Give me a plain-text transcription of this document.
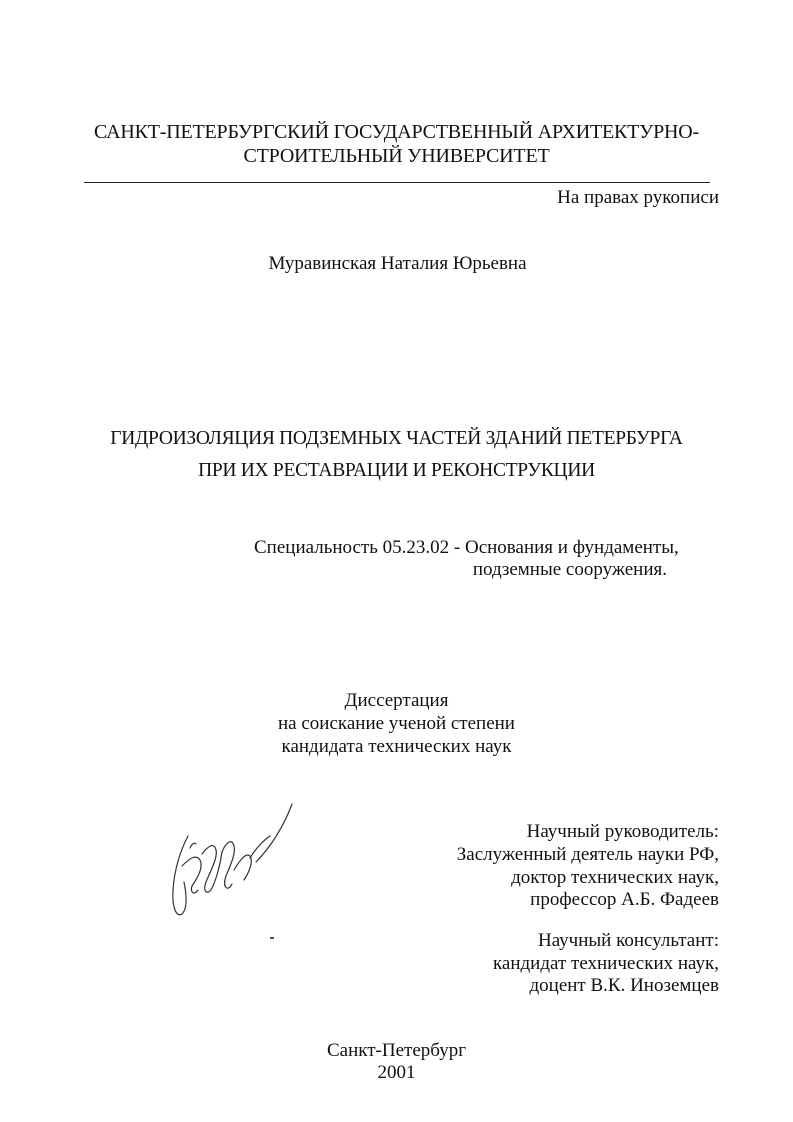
САНКТ-ПЕТЕРБУРГСКИЙ ГОСУДАРСТВЕННЫЙ АРХИТЕКТУРНО-
СТРОИТЕЛЬНЫЙ УНИВЕРСИТЕТ
На правах рукописи
Муравинская Наталия Юрьевна
ГИДРОИЗОЛЯЦИЯ ПОДЗЕМНЫХ ЧАСТЕЙ ЗДАНИЙ ПЕТЕРБУРГА
ПРИ ИХ РЕСТАВРАЦИИ И РЕКОНСТРУКЦИИ
Специальность 05.23.02 - Основания и фундаменты,
подземные сооружения.
Диссертация
на соискание ученой степени
кандидата технических наук
Научный руководитель:
Заслуженный деятель науки РФ,
доктор технических наук,
профессор А.Б. Фадеев
Научный консультант:
кандидат технических наук,
доцент В.К. Иноземцев
Санкт-Петербург
2001
